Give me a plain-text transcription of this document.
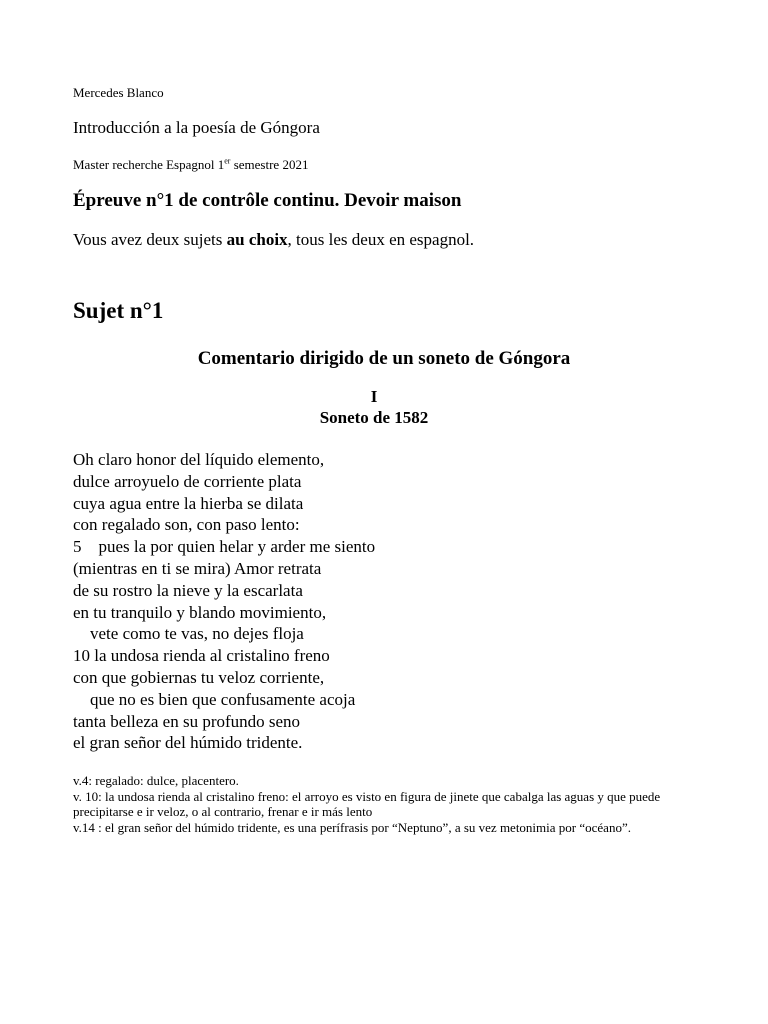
Mercedes Blanco
Introducción a la poesía de Góngora
Master recherche Espagnol 1er semestre 2021
Épreuve n°1 de contrôle continu. Devoir maison
Vous avez deux sujets au choix, tous les deux en espagnol.
Sujet n°1
Comentario dirigido de un soneto de Góngora
I
Soneto de 1582
Oh claro honor del líquido elemento,
dulce arroyuelo de corriente plata
cuya agua entre la hierba se dilata
con regalado son, con paso lento:
5    pues la por quien helar y arder me siento
(mientras en ti se mira) Amor retrata
de su rostro la nieve y la escarlata
en tu tranquilo y blando movimiento,
vete como te vas, no dejes floja
10 la undosa rienda al cristalino freno
con que gobiernas tu veloz corriente,
que no es bien que confusamente acoja
tanta belleza en su profundo seno
el gran señor del húmido tridente.
v.4: regalado: dulce, placentero.
v. 10: la undosa rienda al cristalino freno: el arroyo es visto en figura de jinete que cabalga las aguas y que puede precipitarse e ir veloz, o al contrario, frenar e ir más lento
v.14 : el gran señor del húmido tridente, es una perífrasis por “Neptuno”, a su vez metonimia por “océano”.
